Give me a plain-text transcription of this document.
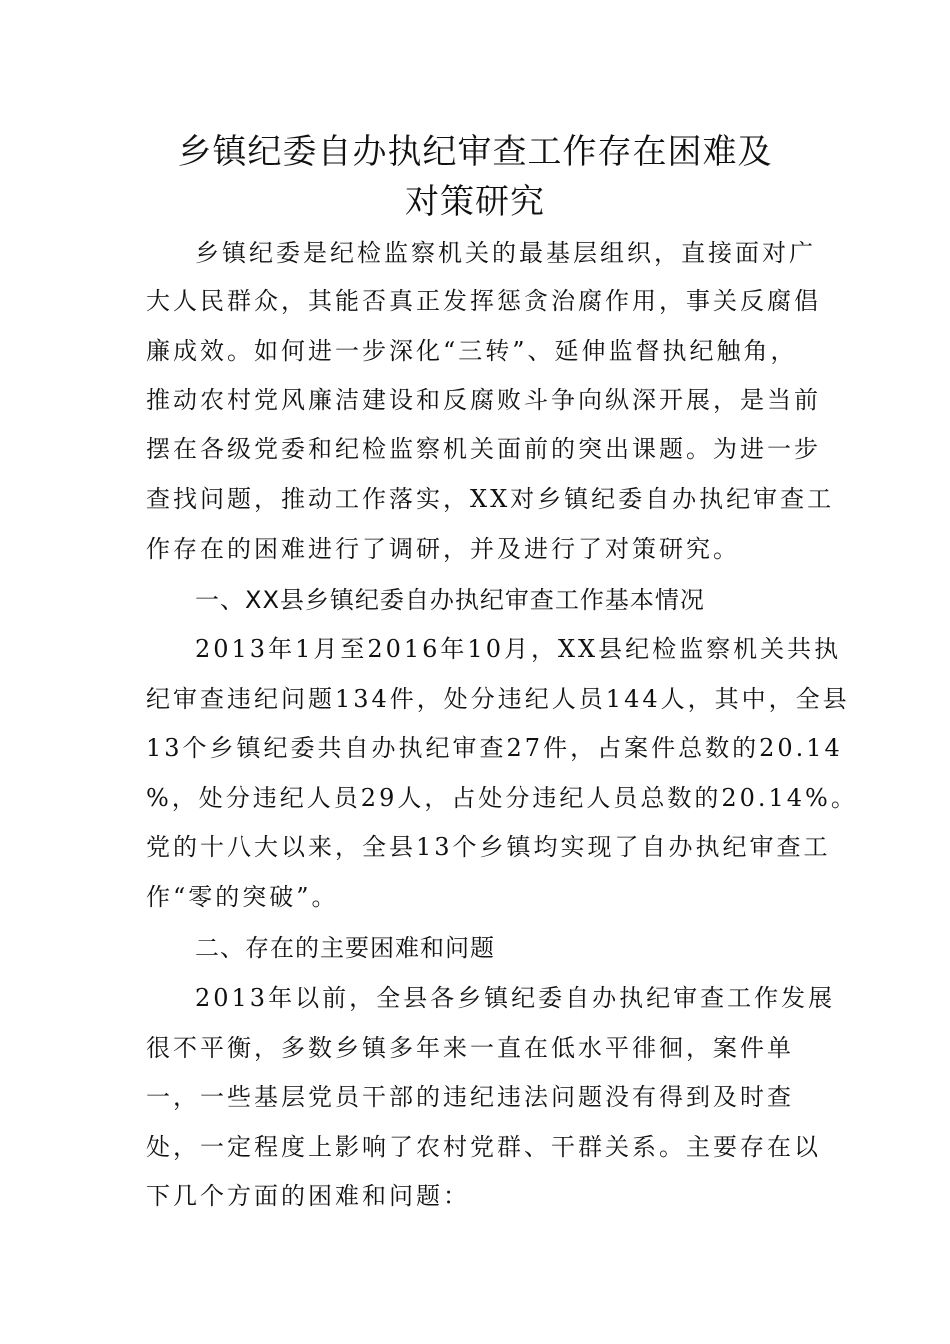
乡镇纪委自办执纪审查工作存在困难及
对策研究
乡镇纪委是纪检监察机关的最基层组织，直接面对广
大人民群众，其能否真正发挥惩贪治腐作用，事关反腐倡
廉成效。如何进一步深化“三转”、延伸监督执纪触角，
推动农村党风廉洁建设和反腐败斗争向纵深开展，是当前
摆在各级党委和纪检监察机关面前的突出课题。为进一步
查找问题，推动工作落实，XX对乡镇纪委自办执纪审查工
作存在的困难进行了调研，并及进行了对策研究。
一、XX县乡镇纪委自办执纪审查工作基本情况
2013年1月至2016年10月，XX县纪检监察机关共执
纪审查违纪问题134件，处分违纪人员144人，其中，全县
13个乡镇纪委共自办执纪审查27件，占案件总数的20.14
%，处分违纪人员29人，占处分违纪人员总数的20.14%。
党的十八大以来，全县13个乡镇均实现了自办执纪审查工
作“零的突破”。
二、存在的主要困难和问题
2013年以前，全县各乡镇纪委自办执纪审查工作发展
很不平衡，多数乡镇多年来一直在低水平徘徊，案件单
一，一些基层党员干部的违纪违法问题没有得到及时查
处，一定程度上影响了农村党群、干群关系。主要存在以
下几个方面的困难和问题：
